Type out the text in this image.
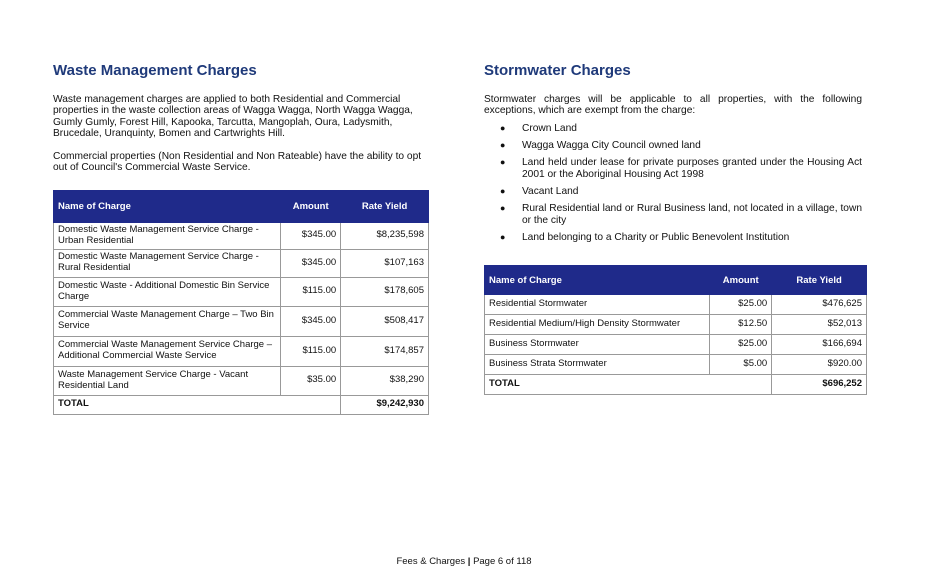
Waste Management Charges

Waste management charges are applied to both Residential and Commercial properties in the waste collection areas of Wagga Wagga, North Wagga Wagga, Gumly Gumly, Forest Hill, Kapooka, Tarcutta, Mangoplah, Oura, Ladysmith, Brucedale, Uranquinty, Bomen and Cartwrights Hill.

Commercial properties (Non Residential and Non Rateable) have the ability to opt out of Council's Commercial Waste Service.

Name of Charge	Amount	Rate Yield
Domestic Waste Management Service Charge - Urban Residential	$345.00	$8,235,598
Domestic Waste Management Service Charge - Rural Residential	$345.00	$107,163
Domestic Waste - Additional Domestic Bin Service Charge	$115.00	$178,605
Commercial Waste Management Charge – Two Bin Service	$345.00	$508,417
Commercial Waste Management Service Charge – Additional Commercial Waste Service	$115.00	$174,857
Waste Management Service Charge - Vacant Residential Land	$35.00	$38,290
TOTAL		$9,242,930
Stormwater Charges

Stormwater charges will be applicable to all properties, with the following exceptions, which are exempt from the charge:

● Crown Land
● Wagga Wagga City Council owned land
● Land held under lease for private purposes granted under the Housing Act 2001 or the Aboriginal Housing Act 1998
● Vacant Land
● Rural Residential land or Rural Business land, not located in a village, town or the city
● Land belonging to a Charity or Public Benevolent Institution
Name of Charge	Amount	Rate Yield
Residential Stormwater	$25.00	$476,625
Residential Medium/High Density Stormwater	$12.50	$52,013
Business Stormwater	$25.00	$166,694
Business Strata Stormwater	$5.00	$920.00
TOTAL		$696,252
Fees & Charges | Page 6 of 118
